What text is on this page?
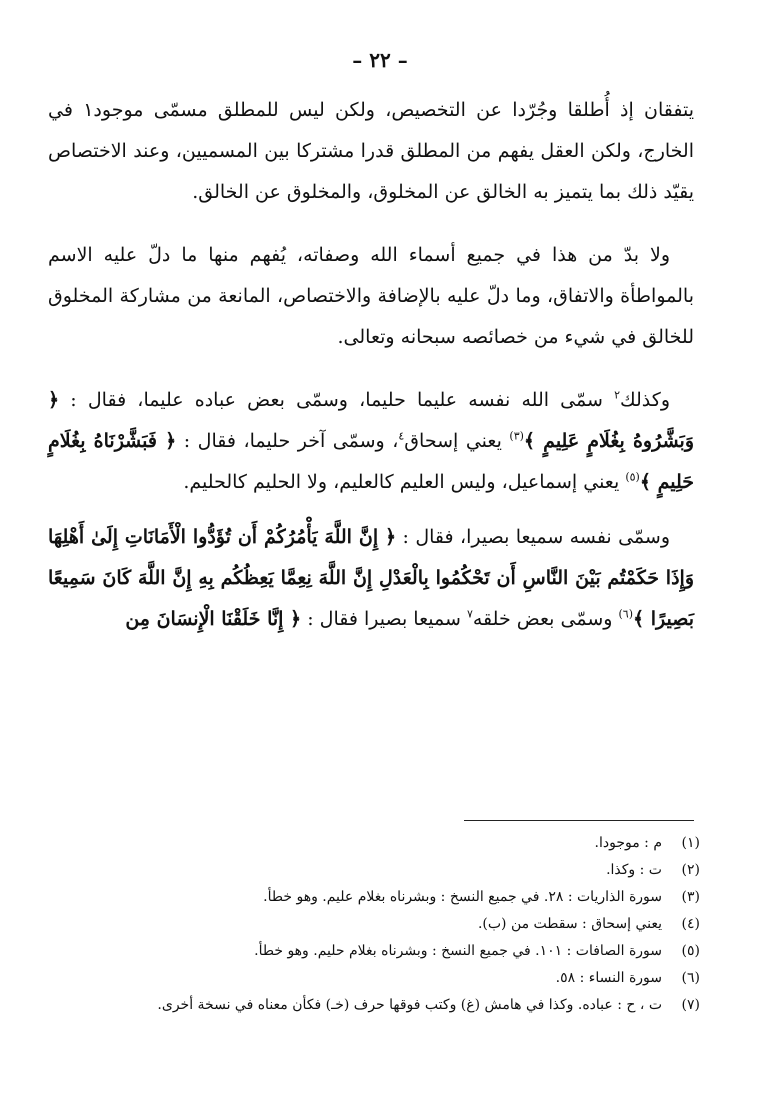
– ٢٢ –

يتفقان إذ أُطلقا وجُرّدا عن التخصيص، ولكن ليس للمطلق مسمّى موجود١ في الخارج، ولكن العقل يفهم من المطلق قدرا مشتركا بين المسميين، وعند الاختصاص يقيّد ذلك بما يتميز به الخالق عن المخلوق، والمخلوق عن الخالق.

ولا بدّ من هذا في جميع أسماء الله وصفاته، يُفهم منها ما دلّ عليه الاسم بالمواطأة والاتفاق، وما دلّ عليه بالإضافة والاختصاص، المانعة من مشاركة المخلوق للخالق في شيء من خصائصه سبحانه وتعالى.

وكذلك$^٢$ سمّى الله نفسه عليما حليما، وسمّى بعض عباده عليما، فقال : ﴿ وَبَشَّرُوهُ بِغُلَامٍ عَلِيمٍ ﴾$^{(٣)}$ يعني إسحاق$^٤$، وسمّى آخر حليما، فقال : ﴿ فَبَشَّرْنَاهُ بِغُلَامٍ حَلِيمٍ ﴾$^{(٥)}$ يعني إسماعيل، وليس العليم كالعليم، ولا الحليم كالحليم.

وسمّى نفسه سميعا بصيرا، فقال : ﴿ إِنَّ اللَّهَ يَأْمُرُكُمْ أَن تُؤَدُّوا الْأَمَانَاتِ إِلَىٰ أَهْلِهَا وَإِذَا حَكَمْتُم بَيْنَ النَّاسِ أَن تَحْكُمُوا بِالْعَدْلِ إِنَّ اللَّهَ نِعِمَّا يَعِظُكُم بِهِ إِنَّ اللَّهَ كَانَ سَمِيعًا بَصِيرًا ﴾$^{(٦)}$ وسمّى بعض خلقه$^٧$ سميعا بصيرا فقال : ﴿ إِنَّا خَلَقْنَا الْإِنسَانَ مِن

(١)
م : موجودا.
(٢)
ت : وكذا.
(٣)
سورة الذاريات : ٢٨. في جميع النسخ : وبشرناه بغلام عليم. وهو خطأ.
(٤)
يعني إسحاق : سقطت من (ب).
(٥)
سورة الصافات : ١٠١. في جميع النسخ : وبشرناه بغلام حليم. وهو خطأ.
(٦)
سورة النساء : ٥٨.
(٧)
ت ، ح : عباده. وكذا في هامش (غ) وكتب فوقها حرف (خـ) فكأن معناه في نسخة أخرى.
